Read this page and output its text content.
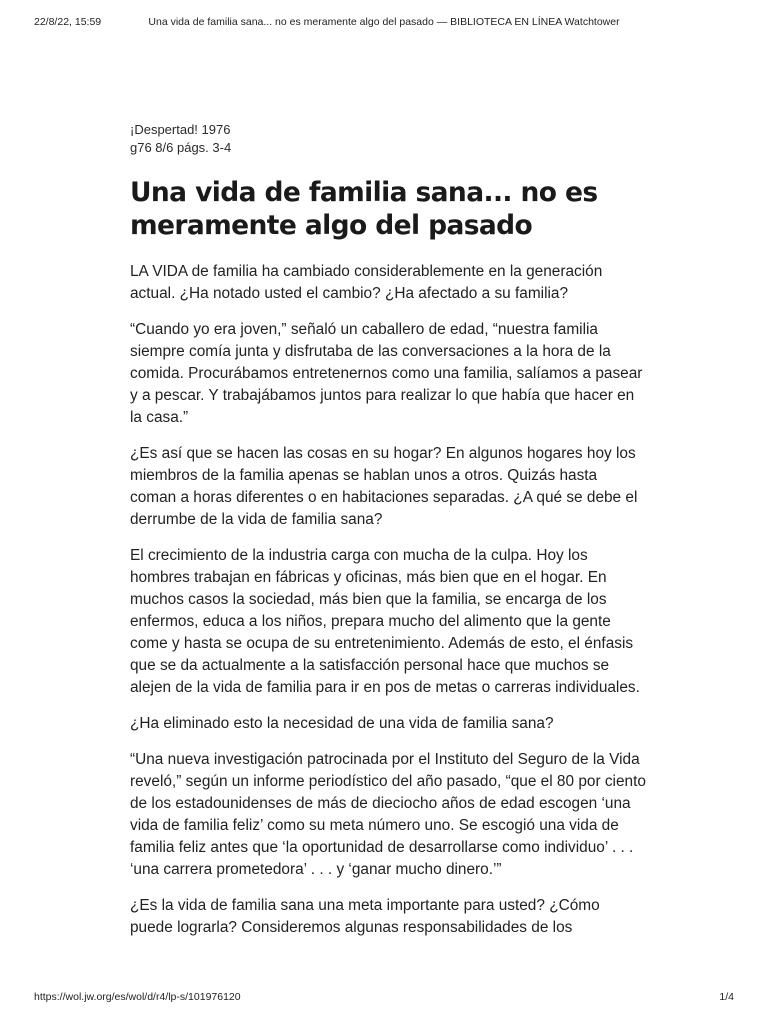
22/8/22, 15:59	Una vida de familia sana... no es meramente algo del pasado — BIBLIOTECA EN LÍNEA Watchtower
¡Despertad! 1976
g76 8/6 págs. 3-4
Una vida de familia sana... no es meramente algo del pasado

LA VIDA de familia ha cambiado considerablemente en la generación actual. ¿Ha notado usted el cambio? ¿Ha afectado a su familia?

“Cuando yo era joven,” señaló un caballero de edad, “nuestra familia siempre comía junta y disfrutaba de las conversaciones a la hora de la comida. Procurábamos entretenernos como una familia, salíamos a pasear y a pescar. Y trabajábamos juntos para realizar lo que había que hacer en la casa.”

¿Es así que se hacen las cosas en su hogar? En algunos hogares hoy los miembros de la familia apenas se hablan unos a otros. Quizás hasta coman a horas diferentes o en habitaciones separadas. ¿A qué se debe el derrumbe de la vida de familia sana?

El crecimiento de la industria carga con mucha de la culpa. Hoy los hombres trabajan en fábricas y oficinas, más bien que en el hogar. En muchos casos la sociedad, más bien que la familia, se encarga de los enfermos, educa a los niños, prepara mucho del alimento que la gente come y hasta se ocupa de su entretenimiento. Además de esto, el énfasis que se da actualmente a la satisfacción personal hace que muchos se alejen de la vida de familia para ir en pos de metas o carreras individuales.

¿Ha eliminado esto la necesidad de una vida de familia sana?

“Una nueva investigación patrocinada por el Instituto del Seguro de la Vida reveló,” según un informe periodístico del año pasado, “que el 80 por ciento de los estadounidenses de más de dieciocho años de edad escogen ‘una vida de familia feliz’ como su meta número uno. Se escogió una vida de familia feliz antes que ‘la oportunidad de desarrollarse como individuo’ . . . ‘una carrera prometedora’ . . . y ‘ganar mucho dinero.’”

¿Es la vida de familia sana una meta importante para usted? ¿Cómo puede lograrla? Consideremos algunas responsabilidades de los

https://wol.jw.org/es/wol/d/r4/lp-s/101976120	1/4
